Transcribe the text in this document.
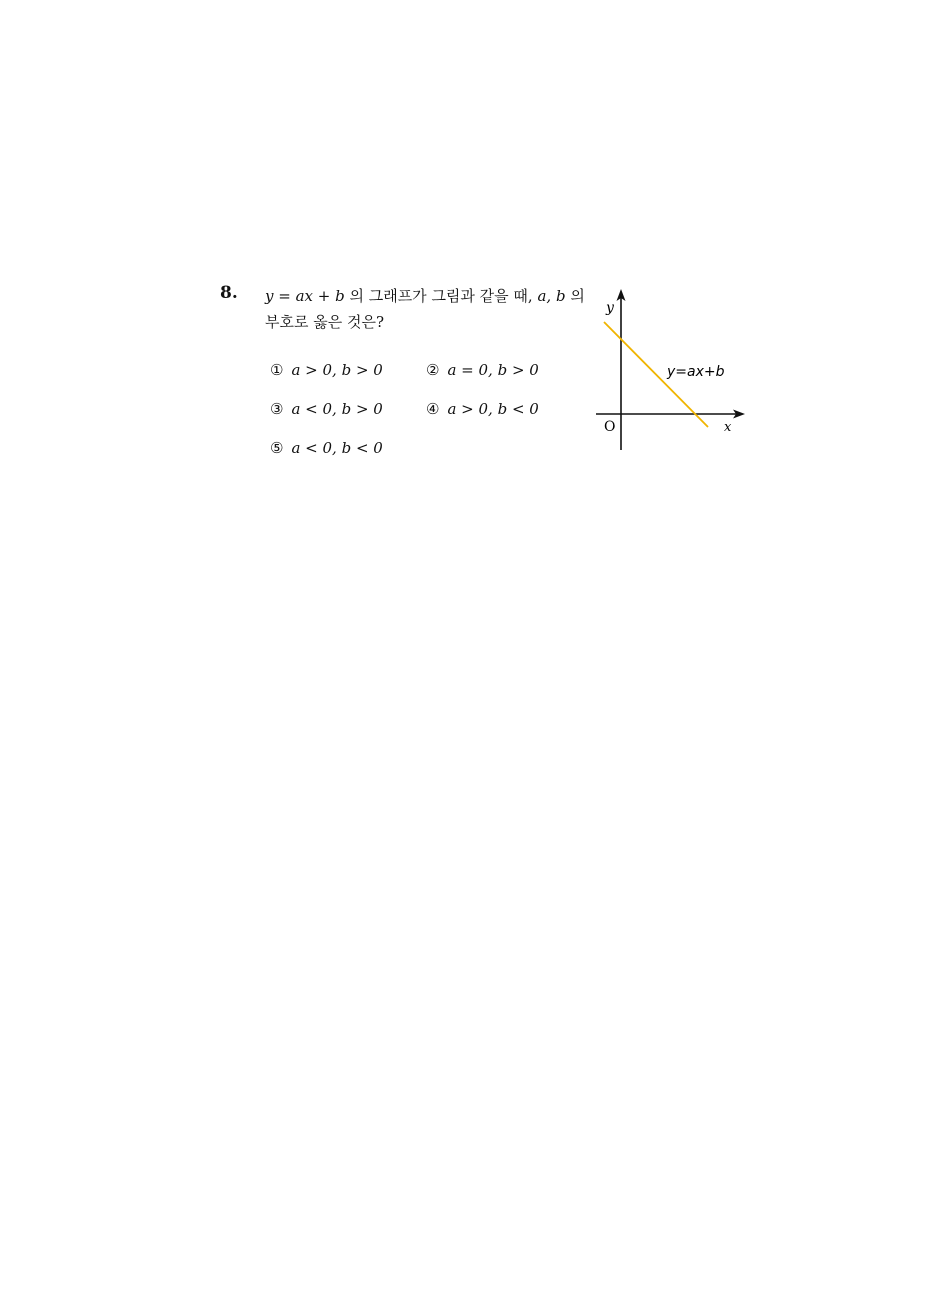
8. y = ax + b 의 그래프가 그림과 같을 때, a, b 의
부호로 옳은 것은?
① a > 0, b > 0	② a = 0, b > 0
③ a < 0, b > 0	④ a > 0, b < 0
⑤ a < 0, b < 0
y
x
O
y=ax+b
